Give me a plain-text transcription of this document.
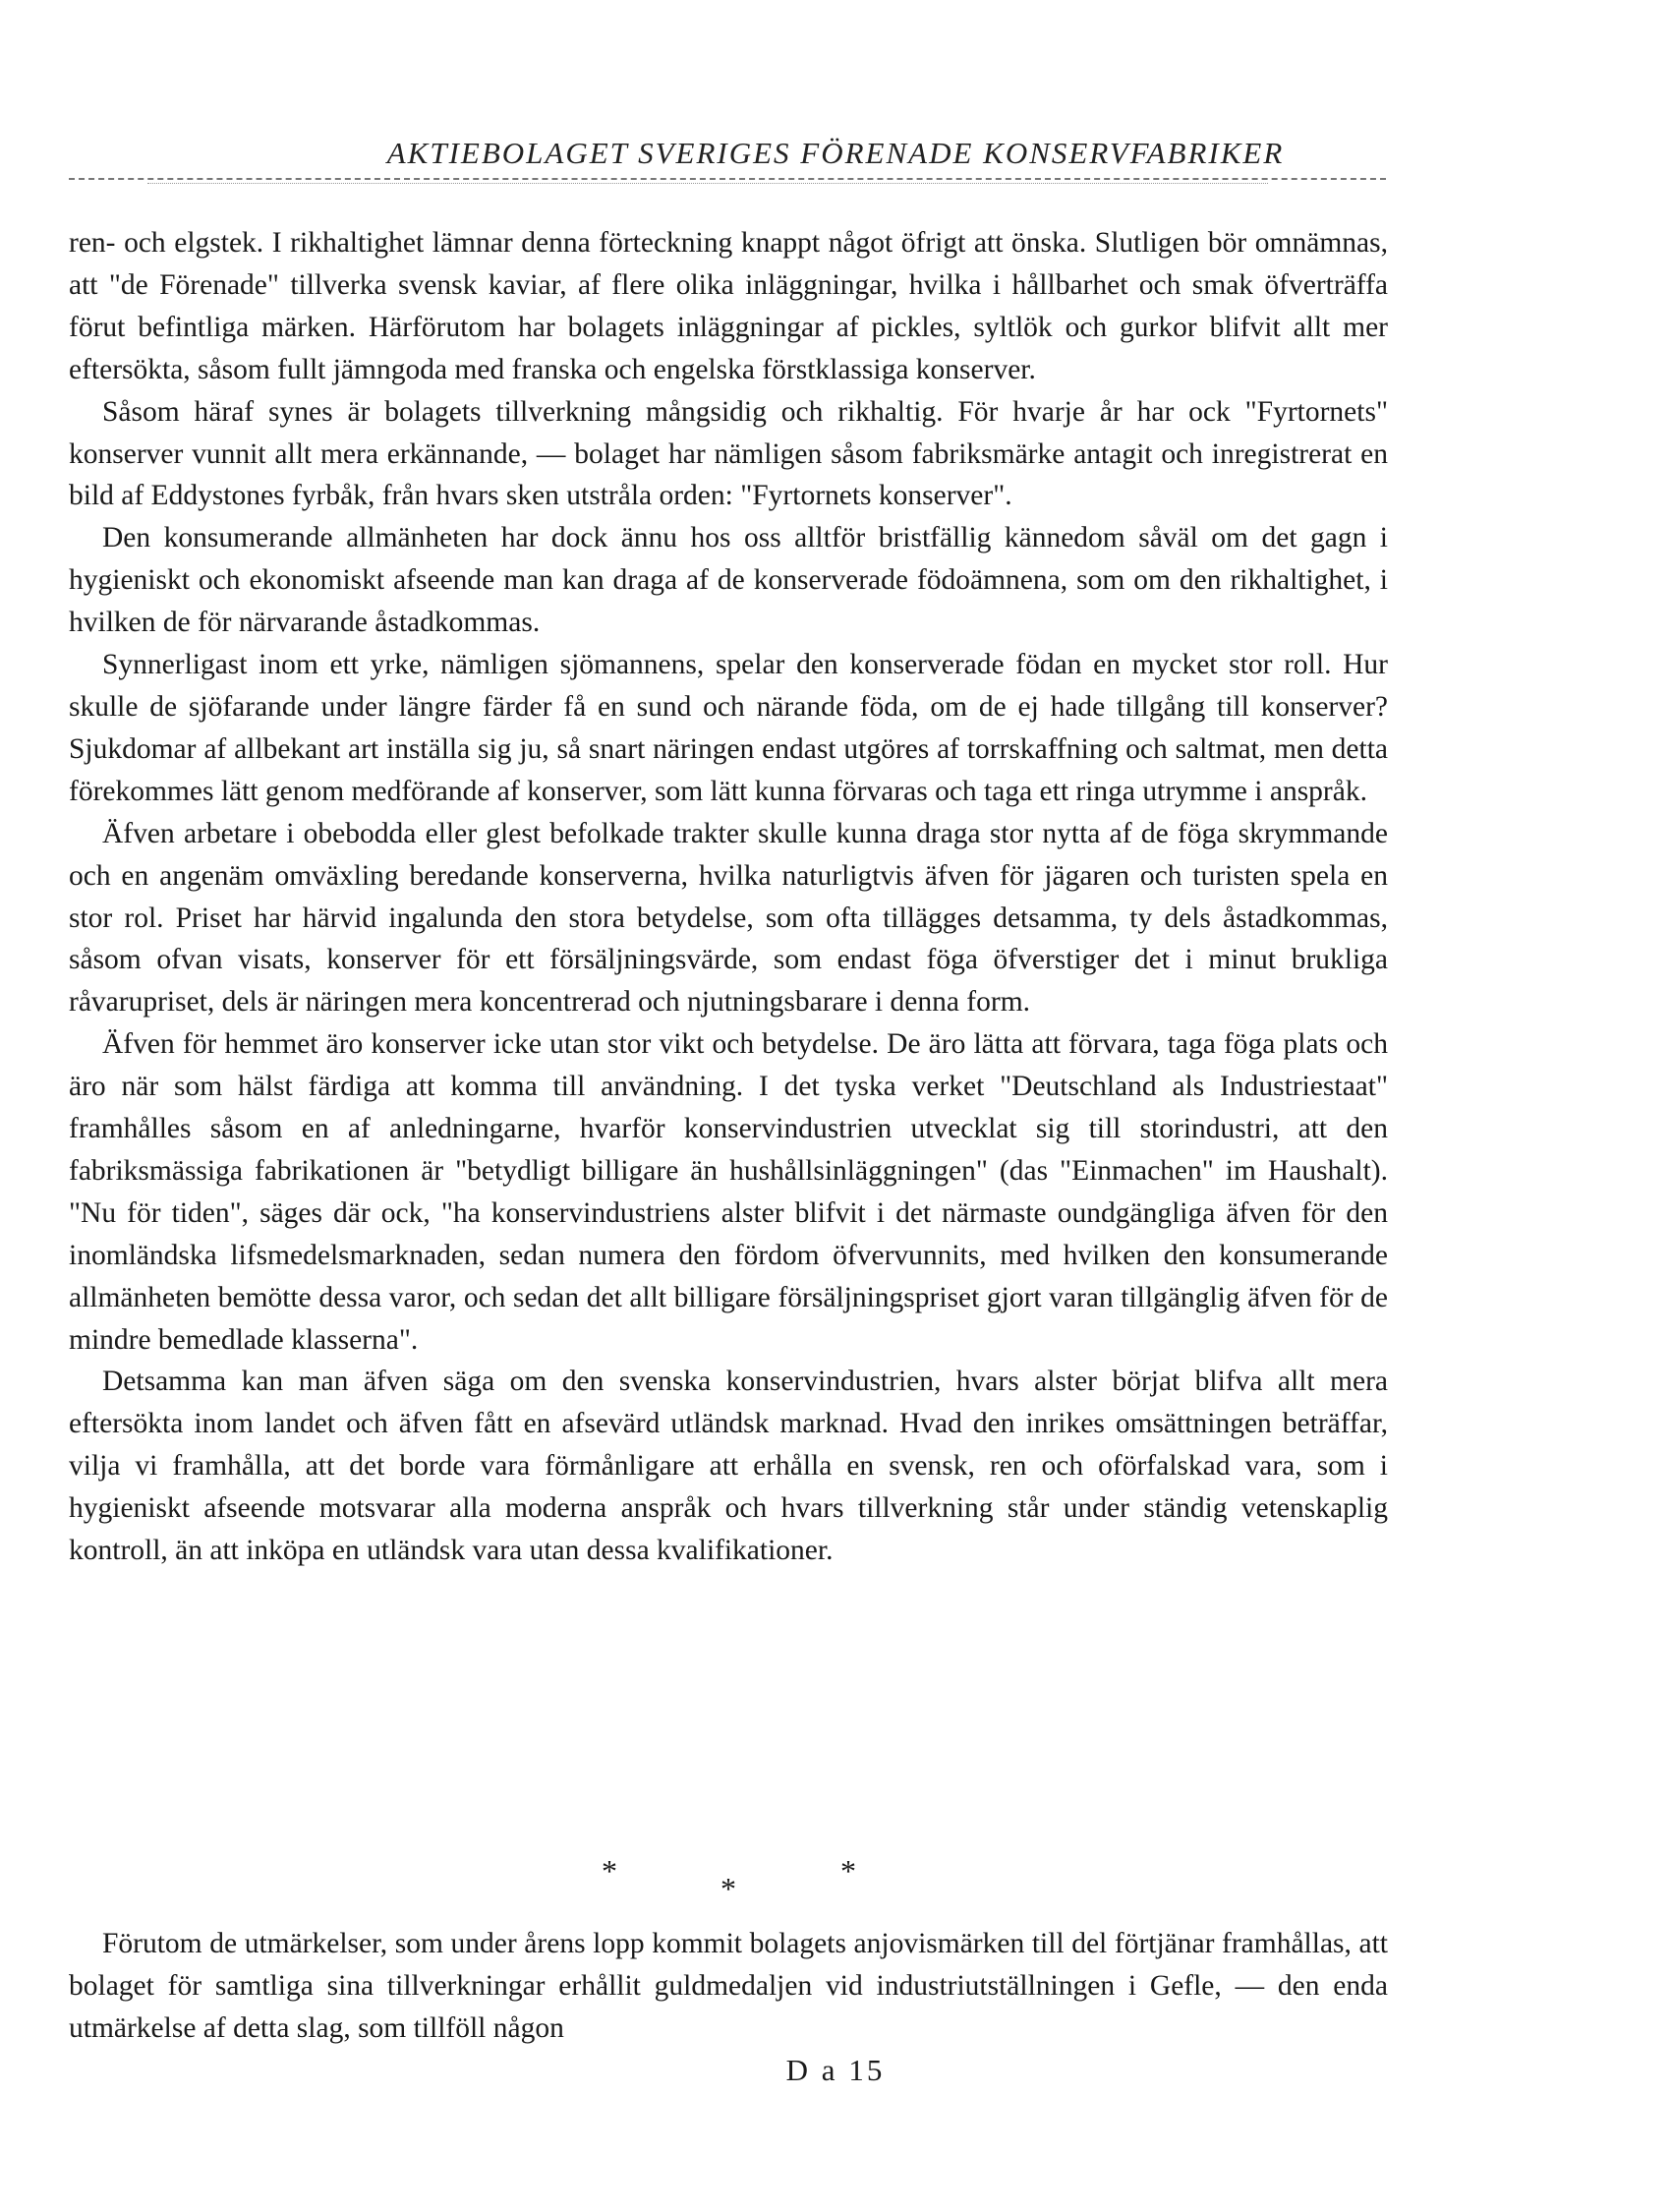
AKTIEBOLAGET SVERIGES FÖRENADE KONSERVFABRIKER

ren- och elgstek. I rikhaltighet lämnar denna förteckning knappt något öfrigt att önska. Slutligen bör omnämnas, att "de Förenade" tillverka svensk kaviar, af flere olika inläggningar, hvilka i hållbarhet och smak öfverträffa förut befintliga märken. Härförutom har bolagets inläggningar af pickles, syltlök och gurkor blifvit allt mer eftersökta, såsom fullt jämngoda med franska och engelska förstklassiga konserver.

Såsom häraf synes är bolagets tillverkning mångsidig och rikhaltig. För hvarje år har ock "Fyrtornets" konserver vunnit allt mera erkännande, — bolaget har nämligen såsom fabriksmärke antagit och inregistrerat en bild af Eddystones fyrbåk, från hvars sken utstråla orden: "Fyrtornets konserver".

Den konsumerande allmänheten har dock ännu hos oss alltför bristfällig kännedom såväl om det gagn i hygieniskt och ekonomiskt afseende man kan draga af de konserverade födoämnena, som om den rikhaltighet, i hvilken de för närvarande åstadkommas.

Synnerligast inom ett yrke, nämligen sjömannens, spelar den konserverade födan en mycket stor roll. Hur skulle de sjöfarande under längre färder få en sund och närande föda, om de ej hade tillgång till konserver? Sjukdomar af allbekant art inställa sig ju, så snart näringen endast utgöres af torrskaffning och saltmat, men detta förekommes lätt genom medförande af konserver, som lätt kunna förvaras och taga ett ringa utrymme i anspråk.

Äfven arbetare i obebodda eller glest befolkade trakter skulle kunna draga stor nytta af de föga skrymmande och en angenäm omväxling beredande konserverna, hvilka naturligtvis äfven för jägaren och turisten spela en stor rol. Priset har härvid ingalunda den stora betydelse, som ofta tillägges detsamma, ty dels åstadkommas, såsom ofvan visats, konserver för ett försäljningsvärde, som endast föga öfverstiger det i minut brukliga råvarupriset, dels är näringen mera koncentrerad och njutningsbarare i denna form.

Äfven för hemmet äro konserver icke utan stor vikt och betydelse. De äro lätta att förvara, taga föga plats och äro när som hälst färdiga att komma till användning. I det tyska verket "Deutschland als Industriestaat" framhålles såsom en af anledningarne, hvarför konservindustrien utvecklat sig till storindustri, att den fabriksmässiga fabrikationen är "betydligt billigare än hushållsinläggningen" (das "Einmachen" im Haushalt). "Nu för tiden", säges där ock, "ha konservindustriens alster blifvit i det närmaste oundgängliga äfven för den inomländska lifsmedelsmarknaden, sedan numera den fördom öfvervunnits, med hvilken den konsumerande allmänheten bemötte dessa varor, och sedan det allt billigare försäljningspriset gjort varan tillgänglig äfven för de mindre bemedlade klasserna".

Detsamma kan man äfven säga om den svenska konservindustrien, hvars alster börjat blifva allt mera eftersökta inom landet och äfven fått en afsevärd utländsk marknad. Hvad den inrikes omsättningen beträffar, vilja vi framhålla, att det borde vara förmånligare att erhålla en svensk, ren och oförfalskad vara, som i hygieniskt afseende motsvarar alla moderna anspråk och hvars tillverkning står under ständig vetenskaplig kontroll, än att inköpa en utländsk vara utan dessa kvalifikationer.

*	*	*

Förutom de utmärkelser, som under årens lopp kommit bolagets anjovismärken till del förtjänar framhållas, att bolaget för samtliga sina tillverkningar erhållit guldmedaljen vid industriutställningen i Gefle, — den enda utmärkelse af detta slag, som tillföll någon

D a 15
